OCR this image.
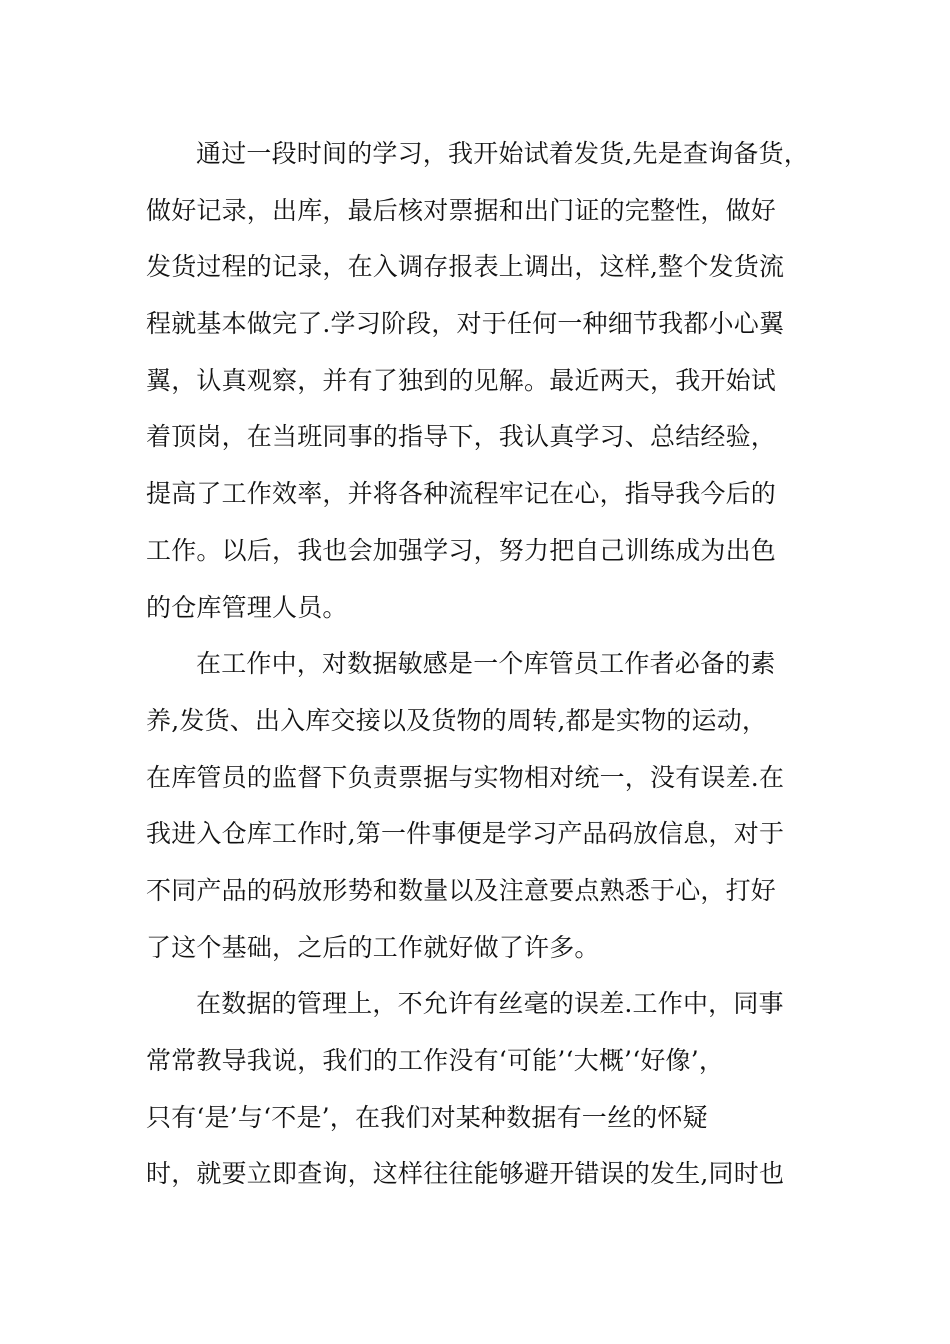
通过一段时间的学习，我开始试着发货,先是查询备货，
做好记录，出库，最后核对票据和出门证的完整性，做好
发货过程的记录，在入调存报表上调出，这样,整个发货流
程就基本做完了.学习阶段，对于任何一种细节我都小心翼
翼，认真观察，并有了独到的见解。最近两天，我开始试
着顶岗，在当班同事的指导下，我认真学习、总结经验，
提高了工作效率，并将各种流程牢记在心，指导我今后的
工作。以后，我也会加强学习，努力把自己训练成为出色
的仓库管理人员。
在工作中，对数据敏感是一个库管员工作者必备的素
养,发货、出入库交接以及货物的周转,都是实物的运动，
在库管员的监督下负责票据与实物相对统一，没有误差.在
我进入仓库工作时,第一件事便是学习产品码放信息，对于
不同产品的码放形势和数量以及注意要点熟悉于心，打好
了这个基础，之后的工作就好做了许多。
在数据的管理上，不允许有丝毫的误差.工作中，同事
常常教导我说，我们的工作没有‘可能’‘大概’‘好像’，
只有‘是’与‘不是’，在我们对某种数据有一丝的怀疑
时，就要立即查询，这样往往能够避开错误的发生,同时也
